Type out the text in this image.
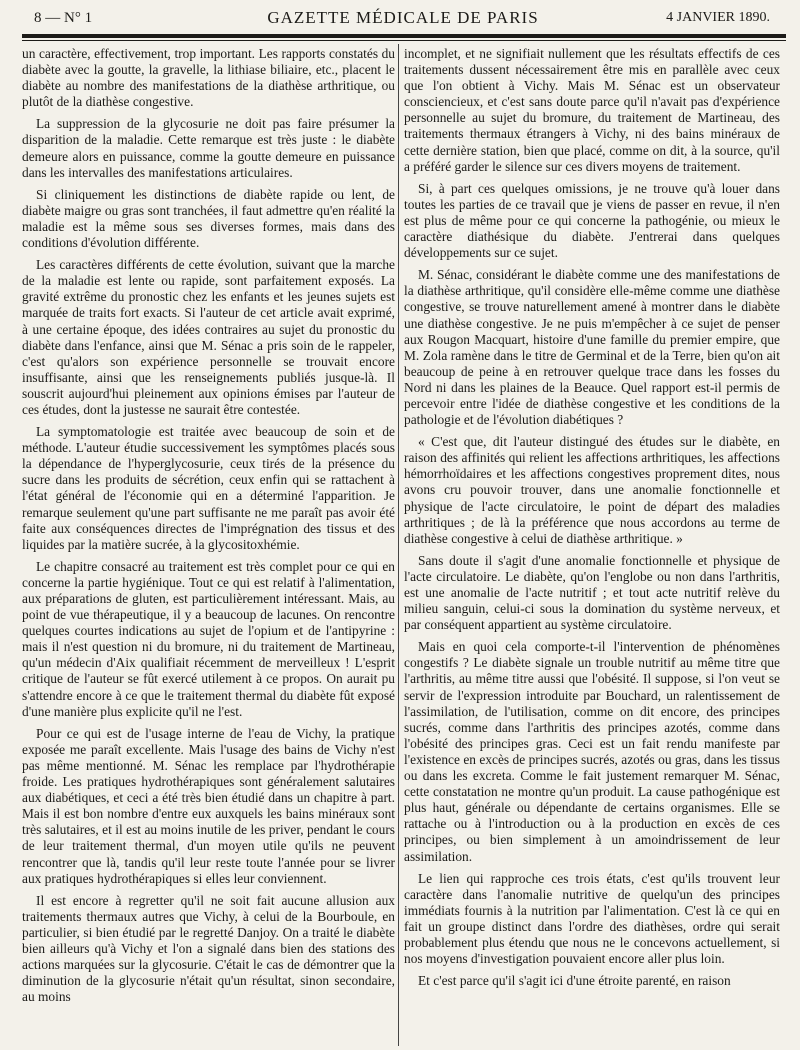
8 — N° 1	GAZETTE MÉDICALE DE PARIS	4 JANVIER 1890.

un caractère, effectivement, trop important. Les rapports constatés du diabète avec la goutte, la gravelle, la lithiase biliaire, etc., placent le diabète au nombre des manifestations de la diathèse arthritique, ou plutôt de la diathèse congestive.

La suppression de la glycosurie ne doit pas faire présumer la disparition de la maladie. Cette remarque est très juste : le diabète demeure alors en puissance, comme la goutte demeure en puissance dans les intervalles des manifestations articulaires.

Si cliniquement les distinctions de diabète rapide ou lent, de diabète maigre ou gras sont tranchées, il faut admettre qu'en réalité la maladie est la même sous ses diverses formes, mais dans des conditions d'évolution différente.

Les caractères différents de cette évolution, suivant que la marche de la maladie est lente ou rapide, sont parfaitement exposés. La gravité extrême du pronostic chez les enfants et les jeunes sujets est marquée de traits fort exacts. Si l'auteur de cet article avait exprimé, à une certaine époque, des idées contraires au sujet du pronostic du diabète dans l'enfance, ainsi que M. Sénac a pris soin de le rappeler, c'est qu'alors son expérience personnelle se trouvait encore insuffisante, ainsi que les renseignements publiés jusque-là. Il souscrit aujourd'hui pleinement aux opinions émises par l'auteur de ces études, dont la justesse ne saurait être contestée.

La symptomatologie est traitée avec beaucoup de soin et de méthode. L'auteur étudie successivement les symptômes placés sous la dépendance de l'hyperglycosurie, ceux tirés de la présence du sucre dans les produits de sécrétion, ceux enfin qui se rattachent à l'état général de l'économie qui en a déterminé l'apparition. Je remarque seulement qu'une part suffisante ne me paraît pas avoir été faite aux conséquences directes de l'imprégnation des tissus et des liquides par la matière sucrée, à la glycositoxhémie.

Le chapitre consacré au traitement est très complet pour ce qui en concerne la partie hygiénique. Tout ce qui est relatif à l'alimentation, aux préparations de gluten, est particulièrement intéressant. Mais, au point de vue thérapeutique, il y a beaucoup de lacunes. On rencontre quelques courtes indications au sujet de l'opium et de l'antipyrine : mais il n'est question ni du bromure, ni du traitement de Martineau, qu'un médecin d'Aix qualifiait récemment de merveilleux ! L'esprit critique de l'auteur se fût exercé utilement à ce propos. On aurait pu s'attendre encore à ce que le traitement thermal du diabète fût exposé d'une manière plus explicite qu'il ne l'est.

Pour ce qui est de l'usage interne de l'eau de Vichy, la pratique exposée me paraît excellente. Mais l'usage des bains de Vichy n'est pas même mentionné. M. Sénac les remplace par l'hydrothérapie froide. Les pratiques hydrothérapiques sont généralement salutaires aux diabétiques, et ceci a été très bien étudié dans un chapitre à part. Mais il est bon nombre d'entre eux auxquels les bains minéraux sont très salutaires, et il est au moins inutile de les priver, pendant le cours de leur traitement thermal, d'un moyen utile qu'ils ne peuvent rencontrer que là, tandis qu'il leur reste toute l'année pour se livrer aux pratiques hydrothérapiques si elles leur conviennent.

Il est encore à regretter qu'il ne soit fait aucune allusion aux traitements thermaux autres que Vichy, à celui de la Bourboule, en particulier, si bien étudié par le regretté Danjoy. On a traité le diabète bien ailleurs qu'à Vichy et l'on a signalé dans bien des stations des actions marquées sur la glycosurie. C'était le cas de démontrer que la diminution de la glycosurie n'était qu'un résultat, sinon secondaire, au moins

incomplet, et ne signifiait nullement que les résultats effectifs de ces traitements dussent nécessairement être mis en parallèle avec ceux que l'on obtient à Vichy. Mais M. Sénac est un observateur consciencieux, et c'est sans doute parce qu'il n'avait pas d'expérience personnelle au sujet du bromure, du traitement de Martineau, des traitements thermaux étrangers à Vichy, ni des bains minéraux de cette dernière station, bien que placé, comme on dit, à la source, qu'il a préféré garder le silence sur ces divers moyens de traitement.

Si, à part ces quelques omissions, je ne trouve qu'à louer dans toutes les parties de ce travail que je viens de passer en revue, il n'en est plus de même pour ce qui concerne la pathogénie, ou mieux le caractère diathésique du diabète. J'entrerai dans quelques développements sur ce sujet.

M. Sénac, considérant le diabète comme une des manifestations de la diathèse arthritique, qu'il considère elle-même comme une diathèse congestive, se trouve naturellement amené à montrer dans le diabète une diathèse congestive. Je ne puis m'empêcher à ce sujet de penser aux Rougon Macquart, histoire d'une famille du premier empire, que M. Zola ramène dans le titre de Germinal et de la Terre, bien qu'on ait beaucoup de peine à en retrouver quelque trace dans les fosses du Nord ni dans les plaines de la Beauce. Quel rapport est-il permis de percevoir entre l'idée de diathèse congestive et les conditions de la pathologie et de l'évolution diabétiques ?

« C'est que, dit l'auteur distingué des études sur le diabète, en raison des affinités qui relient les affections arthritiques, les affections hémorrhoïdaires et les affections congestives proprement dites, nous avons cru pouvoir trouver, dans une anomalie fonctionnelle et physique de l'acte circulatoire, le point de départ des maladies arthritiques ; de là la préférence que nous accordons au terme de diathèse congestive à celui de diathèse arthritique. »

Sans doute il s'agit d'une anomalie fonctionnelle et physique de l'acte circulatoire. Le diabète, qu'on l'englobe ou non dans l'arthritis, est une anomalie de l'acte nutritif ; et tout acte nutritif relève du milieu sanguin, celui-ci sous la domination du système nerveux, et par conséquent appartient au système circulatoire.

Mais en quoi cela comporte-t-il l'intervention de phénomènes congestifs ? Le diabète signale un trouble nutritif au même titre que l'arthritis, au même titre aussi que l'obésité. Il suppose, si l'on veut se servir de l'expression introduite par Bouchard, un ralentissement de l'assimilation, de l'utilisation, comme on dit encore, des principes sucrés, comme dans l'arthritis des principes azotés, comme dans l'obésité des principes gras. Ceci est un fait rendu manifeste par l'existence en excès de principes sucrés, azotés ou gras, dans les tissus ou dans les excreta. Comme le fait justement remarquer M. Sénac, cette constatation ne montre qu'un produit. La cause pathogénique est plus haut, générale ou dépendante de certains organismes. Elle se rattache ou à l'introduction ou à la production en excès de ces principes, ou bien simplement à un amoindrissement de leur assimilation.

Le lien qui rapproche ces trois états, c'est qu'ils trouvent leur caractère dans l'anomalie nutritive de quelqu'un des principes immédiats fournis à la nutrition par l'alimentation. C'est là ce qui en fait un groupe distinct dans l'ordre des diathèses, ordre qui serait probablement plus étendu que nous ne le concevons actuellement, si nos moyens d'investigation pouvaient encore aller plus loin.

Et c'est parce qu'il s'agit ici d'une étroite parenté, en raison
